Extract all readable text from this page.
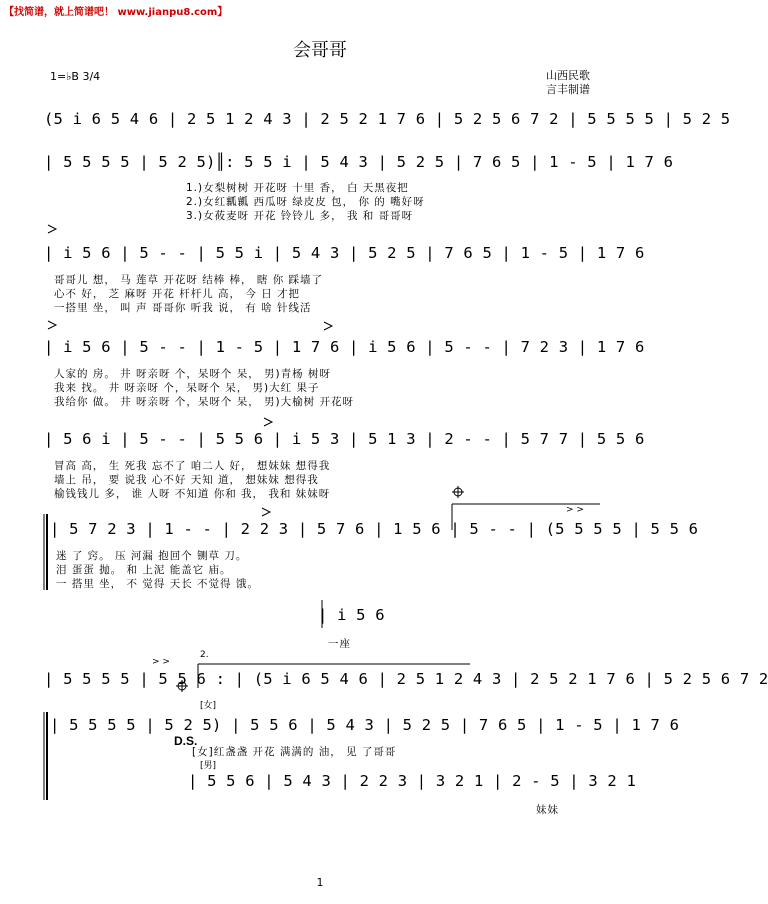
> >
> >
【找简谱，就上简谱吧！ www.jianpu8.com】
会哥哥
1=♭B 3/4	山西民歌
言丰制谱
(5 i 6 5 4 6 | 2 5 1 2 4 3 | 2 5 2 1 7 6 | 5 2 5 6 7 2 | 5 5 5 5 | 5 2 5
| 5 5 5 5 | 5 2 5)║: 5 5 i | 5 4 3 | 5 2 5 | 7 6 5 | 1 - 5 | 1 7 6
1.)女梨树树 开花呀 十里 香， 白 天黑夜把
2.)女红瓤瓤 西瓜呀 绿皮皮 包， 你 的 嘴好呀
3.)女莜麦呀 开花 铃铃儿 多， 我 和 哥哥呀
| i 5 6 | 5 - - | 5 5 i | 5 4 3 | 5 2 5 | 7 6 5 | 1 - 5 | 1 7 6
哥哥儿 想， 马 莲草 开花呀 结棒 棒， 瞎 你 踩墙了
心不 好， 芝 麻呀 开花 杆杆儿 高， 今 日 才把
一搭里 坐， 叫 声 哥哥你 听我 说， 有 啥 针线活
| i 5 6 | 5 - - | 1 - 5 | 1 7 6 | i 5 6 | 5 - - | 7 2 3 | 1 7 6
人家的 房。 井 呀亲呀 个，呆呀个 呆， 男)青杨 树呀
我来 找。 井 呀亲呀 个，呆呀个 呆， 男)大红 果子
我给你 做。 井 呀亲呀 个，呆呀个 呆， 男)大榆树 开花呀
| 5 6 i | 5 - - | 5 5 6 | i 5 3 | 5 1 3 | 2 - - | 5 7 7 | 5 5 6
冒高 高， 生 死我 忘不了 咱二人 好， 想妹妹 想得我
墙上 吊， 要 说我 心不好 天知 道， 想妹妹 想得我
榆钱钱儿 多， 谁 人呀 不知道 你和 我， 我和 妹妹呀
| 5 7 2 3 | 1 - - | 2 2 3 | 5 7 6 | 1 5 6 | 5 - - | (5 5 5 5 | 5 5 6
迷 了 窍。 压 河漏 抱回个 铡草 刀。
泪 蛋蛋 抛。 和 上泥 能盖它 庙。
一 搭里 坐， 不 觉得 天长 不觉得 饿。
| i 5 6
一座
| 5 5 5 5 | 5 5 6 : | (5 i 6 5 4 6 | 2 5 1 2 4 3 | 2 5 2 1 7 6 | 5 2 5 6 7 2
2.
[女]
| 5 5 5 5 | 5 2 5) | 5 5 6 | 5 4 3 | 5 2 5 | 7 6 5 | 1 - 5 | 1 7 6
[女]红盏盏 开花 满满的 油， 见 了哥哥
D.S.
[男]
| 5 5 6 | 5 4 3 | 2 2 3 | 3 2 1 | 2 - 5 | 3 2 1
妹妹
1
